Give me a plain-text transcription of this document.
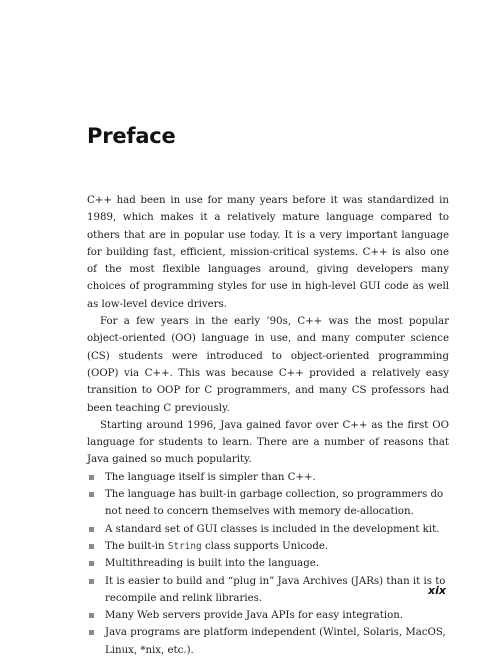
Preface

C++ had been in use for many years before it was standardized in 1989, which makes it a relatively mature language compared to others that are in popular use today. It is a very important language for building fast, efficient, mission-critical systems. C++ is also one of the most flexible languages around, giving developers many choices of programming styles for use in high-level GUI code as well as low-level device drivers.

For a few years in the early ’90s, C++ was the most popular object-oriented (OO) language in use, and many computer science (CS) students were introduced to object-oriented programming (OOP) via C++. This was because C++ provided a relatively easy transition to OOP for C programmers, and many CS professors had been teaching C previously.

Starting around 1996, Java gained favor over C++ as the first OO language for students to learn. There are a number of reasons that Java gained so much popularity.

The language itself is simpler than C++.
The language has built-in garbage collection, so programmers do not need to concern themselves with memory de-allocation.
A standard set of GUI classes is included in the development kit.
The built-in String class supports Unicode.
Multithreading is built into the language.
It is easier to build and “plug in” Java Archives (JARs) than it is to recompile and relink libraries.
Many Web servers provide Java APIs for easy integration.
Java programs are platform independent (Wintel, Solaris, MacOS, Linux, *nix, etc.).
xix
